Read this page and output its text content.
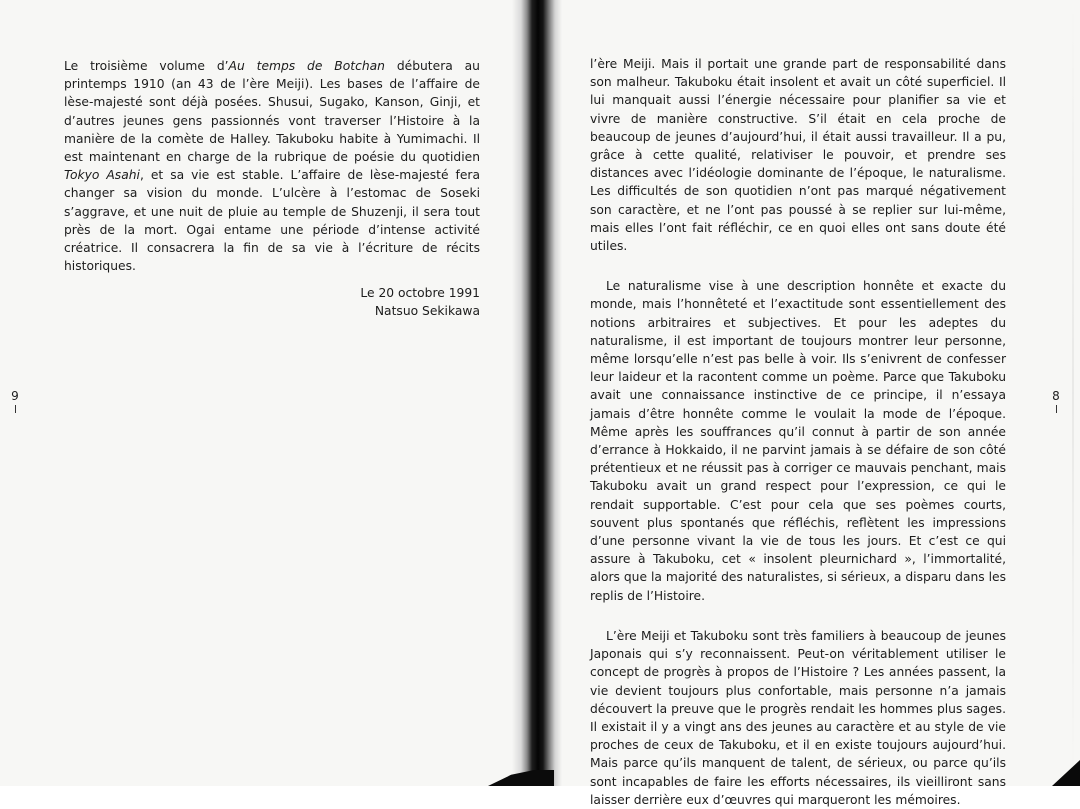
Le troisième volume d’Au temps de Botchan débutera au printemps 1910 (an 43 de l’ère Meiji). Les bases de l’affaire de lèse-majesté sont déjà posées. Shusui, Sugako, Kanson, Ginji, et d’autres jeunes gens passionnés vont traverser l’Histoire à la manière de la comète de Halley. Takuboku habite à Yumimachi. Il est maintenant en charge de la rubrique de poésie du quotidien Tokyo Asahi, et sa vie est stable. L’affaire de lèse-majesté fera changer sa vision du monde. L’ulcère à l’estomac de Soseki s’aggrave, et une nuit de pluie au temple de Shuzenji, il sera tout près de la mort. Ogai entame une période d’intense activité créatrice. Il consacrera la fin de sa vie à l’écriture de récits historiques.

Le 20 octobre 1991
Natsuo Sekikawa
9

l’ère Meiji. Mais il portait une grande part de responsabilité dans son malheur. Takuboku était insolent et avait un côté superficiel. Il lui manquait aussi l’énergie nécessaire pour planifier sa vie et vivre de manière constructive. S’il était en cela proche de beaucoup de jeunes d’aujourd’hui, il était aussi travailleur. Il a pu, grâce à cette qualité, relativiser le pouvoir, et prendre ses distances avec l’idéologie dominante de l’époque, le naturalisme. Les difficultés de son quotidien n’ont pas marqué négativement son caractère, et ne l’ont pas poussé à se replier sur lui-même, mais elles l’ont fait réfléchir, ce en quoi elles ont sans doute été utiles.

Le naturalisme vise à une description honnête et exacte du monde, mais l’honnêteté et l’exactitude sont essentiellement des notions arbitraires et subjectives. Et pour les adeptes du naturalisme, il est important de toujours montrer leur personne, même lorsqu’elle n’est pas belle à voir. Ils s’enivrent de confesser leur laideur et la racontent comme un poème. Parce que Takuboku avait une connaissance instinctive de ce principe, il n’essaya jamais d’être honnête comme le voulait la mode de l’époque. Même après les souffrances qu’il connut à partir de son année d’errance à Hokkaido, il ne parvint jamais à se défaire de son côté prétentieux et ne réussit pas à corriger ce mauvais penchant, mais Takuboku avait un grand respect pour l’expression, ce qui le rendait supportable. C’est pour cela que ses poèmes courts, souvent plus spontanés que réfléchis, reflètent les impressions d’une personne vivant la vie de tous les jours. Et c’est ce qui assure à Takuboku, cet « insolent pleurnichard », l’immortalité, alors que la majorité des naturalistes, si sérieux, a disparu dans les replis de l’Histoire.

L’ère Meiji et Takuboku sont très familiers à beaucoup de jeunes Japonais qui s’y reconnaissent. Peut-on véritablement utiliser le concept de progrès à propos de l’Histoire ? Les années passent, la vie devient toujours plus confortable, mais personne n’a jamais découvert la preuve que le progrès rendait les hommes plus sages. Il existait il y a vingt ans des jeunes au caractère et au style de vie proches de ceux de Takuboku, et il en existe toujours aujourd’hui. Mais parce qu’ils manquent de talent, de sérieux, ou parce qu’ils sont incapables de faire les efforts nécessaires, ils vieilliront sans laisser derrière eux d’œuvres qui marqueront les mémoires.

8
